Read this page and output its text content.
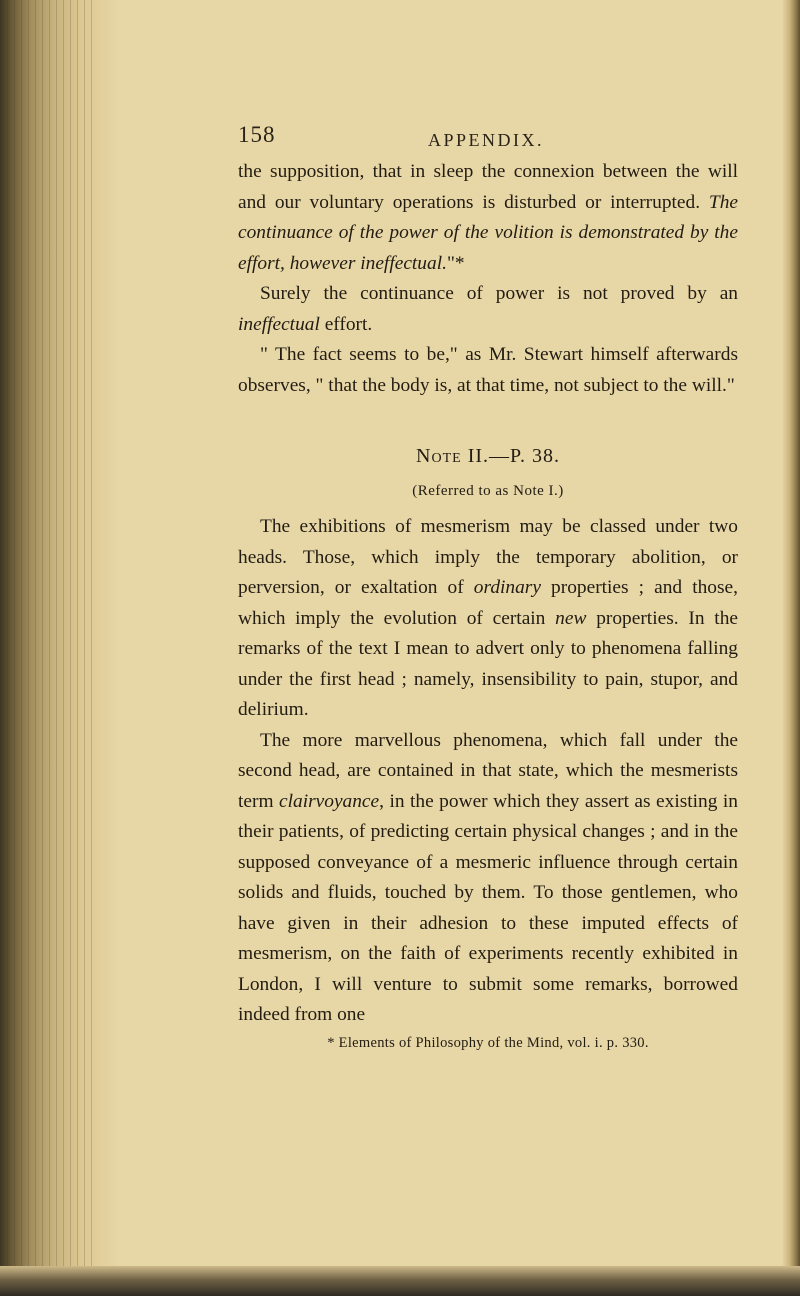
158	APPENDIX.

the supposition, that in sleep the connexion between the will and our voluntary operations is disturbed or interrupted. The continuance of the power of the volition is demonstrated by the effort, however ineffectual."*

Surely the continuance of power is not proved by an ineffectual effort.

" The fact seems to be," as Mr. Stewart himself afterwards observes, " that the body is, at that time, not subject to the will."

Note II.—P. 38.

(Referred to as Note I.)

The exhibitions of mesmerism may be classed under two heads. Those, which imply the temporary abolition, or perversion, or exaltation of ordinary properties ; and those, which imply the evolution of certain new properties. In the remarks of the text I mean to advert only to phenomena falling under the first head ; namely, insensibility to pain, stupor, and delirium.

The more marvellous phenomena, which fall under the second head, are contained in that state, which the mesmerists term clairvoyance, in the power which they assert as existing in their patients, of predicting certain physical changes ; and in the supposed conveyance of a mesmeric influence through certain solids and fluids, touched by them. To those gentlemen, who have given in their adhesion to these imputed effects of mesmerism, on the faith of experiments recently exhibited in London, I will venture to submit some remarks, borrowed indeed from one

* Elements of Philosophy of the Mind, vol. i. p. 330.
